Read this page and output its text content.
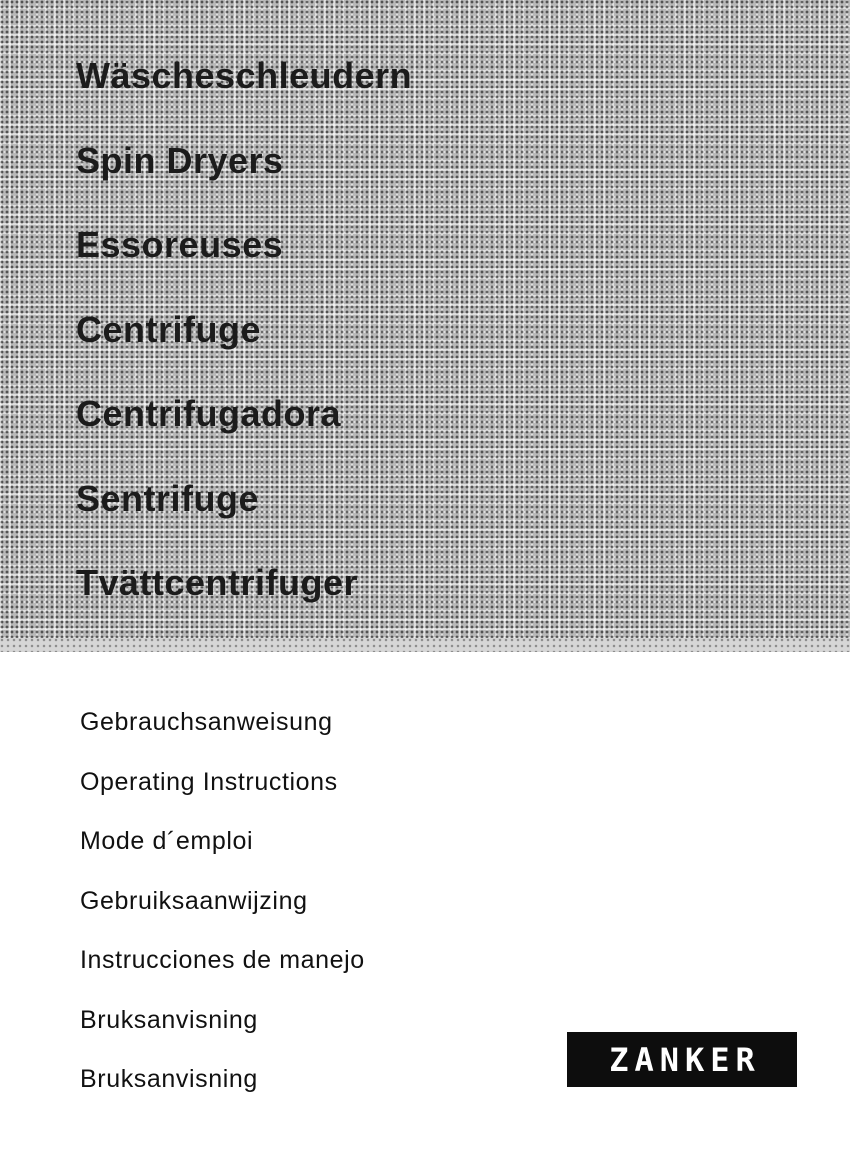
Wäscheschleudern
Spin Dryers
Essoreuses
Centrifuge
Centrifugadora
Sentrifuge
Tvättcentrifuger
Gebrauchsanweisung
Operating Instructions
Mode d´emploi
Gebruiksaanwijzing
Instrucciones de manejo
Bruksanvisning
Bruksanvisning
ZANKER
